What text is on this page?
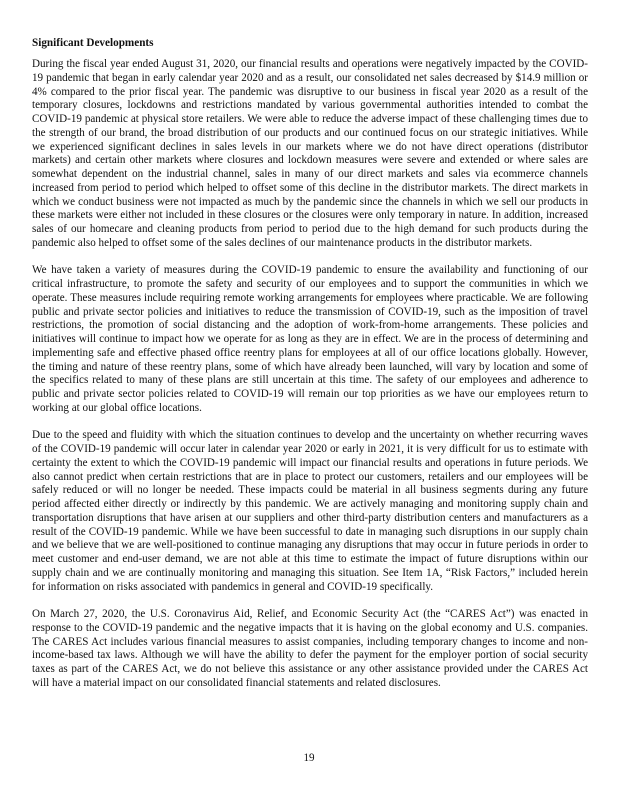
Significant Developments

During the fiscal year ended August 31, 2020, our financial results and operations were negatively impacted by the COVID-19 pandemic that began in early calendar year 2020 and as a result, our consolidated net sales decreased by $14.9 million or 4% compared to the prior fiscal year. The pandemic was disruptive to our business in fiscal year 2020 as a result of the temporary closures, lockdowns and restrictions mandated by various governmental authorities intended to combat the COVID-19 pandemic at physical store retailers. We were able to reduce the adverse impact of these challenging times due to the strength of our brand, the broad distribution of our products and our continued focus on our strategic initiatives. While we experienced significant declines in sales levels in our markets where we do not have direct operations (distributor markets) and certain other markets where closures and lockdown measures were severe and extended or where sales are somewhat dependent on the industrial channel, sales in many of our direct markets and sales via ecommerce channels increased from period to period which helped to offset some of this decline in the distributor markets. The direct markets in which we conduct business were not impacted as much by the pandemic since the channels in which we sell our products in these markets were either not included in these closures or the closures were only temporary in nature. In addition, increased sales of our homecare and cleaning products from period to period due to the high demand for such products during the pandemic also helped to offset some of the sales declines of our maintenance products in the distributor markets.

We have taken a variety of measures during the COVID-19 pandemic to ensure the availability and functioning of our critical infrastructure, to promote the safety and security of our employees and to support the communities in which we operate. These measures include requiring remote working arrangements for employees where practicable. We are following public and private sector policies and initiatives to reduce the transmission of COVID-19, such as the imposition of travel restrictions, the promotion of social distancing and the adoption of work-from-home arrangements. These policies and initiatives will continue to impact how we operate for as long as they are in effect. We are in the process of determining and implementing safe and effective phased office reentry plans for employees at all of our office locations globally. However, the timing and nature of these reentry plans, some of which have already been launched, will vary by location and some of the specifics related to many of these plans are still uncertain at this time. The safety of our employees and adherence to public and private sector policies related to COVID-19 will remain our top priorities as we have our employees return to working at our global office locations.

Due to the speed and fluidity with which the situation continues to develop and the uncertainty on whether recurring waves of the COVID-19 pandemic will occur later in calendar year 2020 or early in 2021, it is very difficult for us to estimate with certainty the extent to which the COVID-19 pandemic will impact our financial results and operations in future periods. We also cannot predict when certain restrictions that are in place to protect our customers, retailers and our employees will be safely reduced or will no longer be needed. These impacts could be material in all business segments during any future period affected either directly or indirectly by this pandemic. We are actively managing and monitoring supply chain and transportation disruptions that have arisen at our suppliers and other third-party distribution centers and manufacturers as a result of the COVID-19 pandemic. While we have been successful to date in managing such disruptions in our supply chain and we believe that we are well-positioned to continue managing any disruptions that may occur in future periods in order to meet customer and end-user demand, we are not able at this time to estimate the impact of future disruptions within our supply chain and we are continually monitoring and managing this situation. See Item 1A, “Risk Factors,” included herein for information on risks associated with pandemics in general and COVID-19 specifically.

On March 27, 2020, the U.S. Coronavirus Aid, Relief, and Economic Security Act (the “CARES Act”) was enacted in response to the COVID-19 pandemic and the negative impacts that it is having on the global economy and U.S. companies. The CARES Act includes various financial measures to assist companies, including temporary changes to income and non-income-based tax laws. Although we will have the ability to defer the payment for the employer portion of social security taxes as part of the CARES Act, we do not believe this assistance or any other assistance provided under the CARES Act will have a material impact on our consolidated financial statements and related disclosures.

19
